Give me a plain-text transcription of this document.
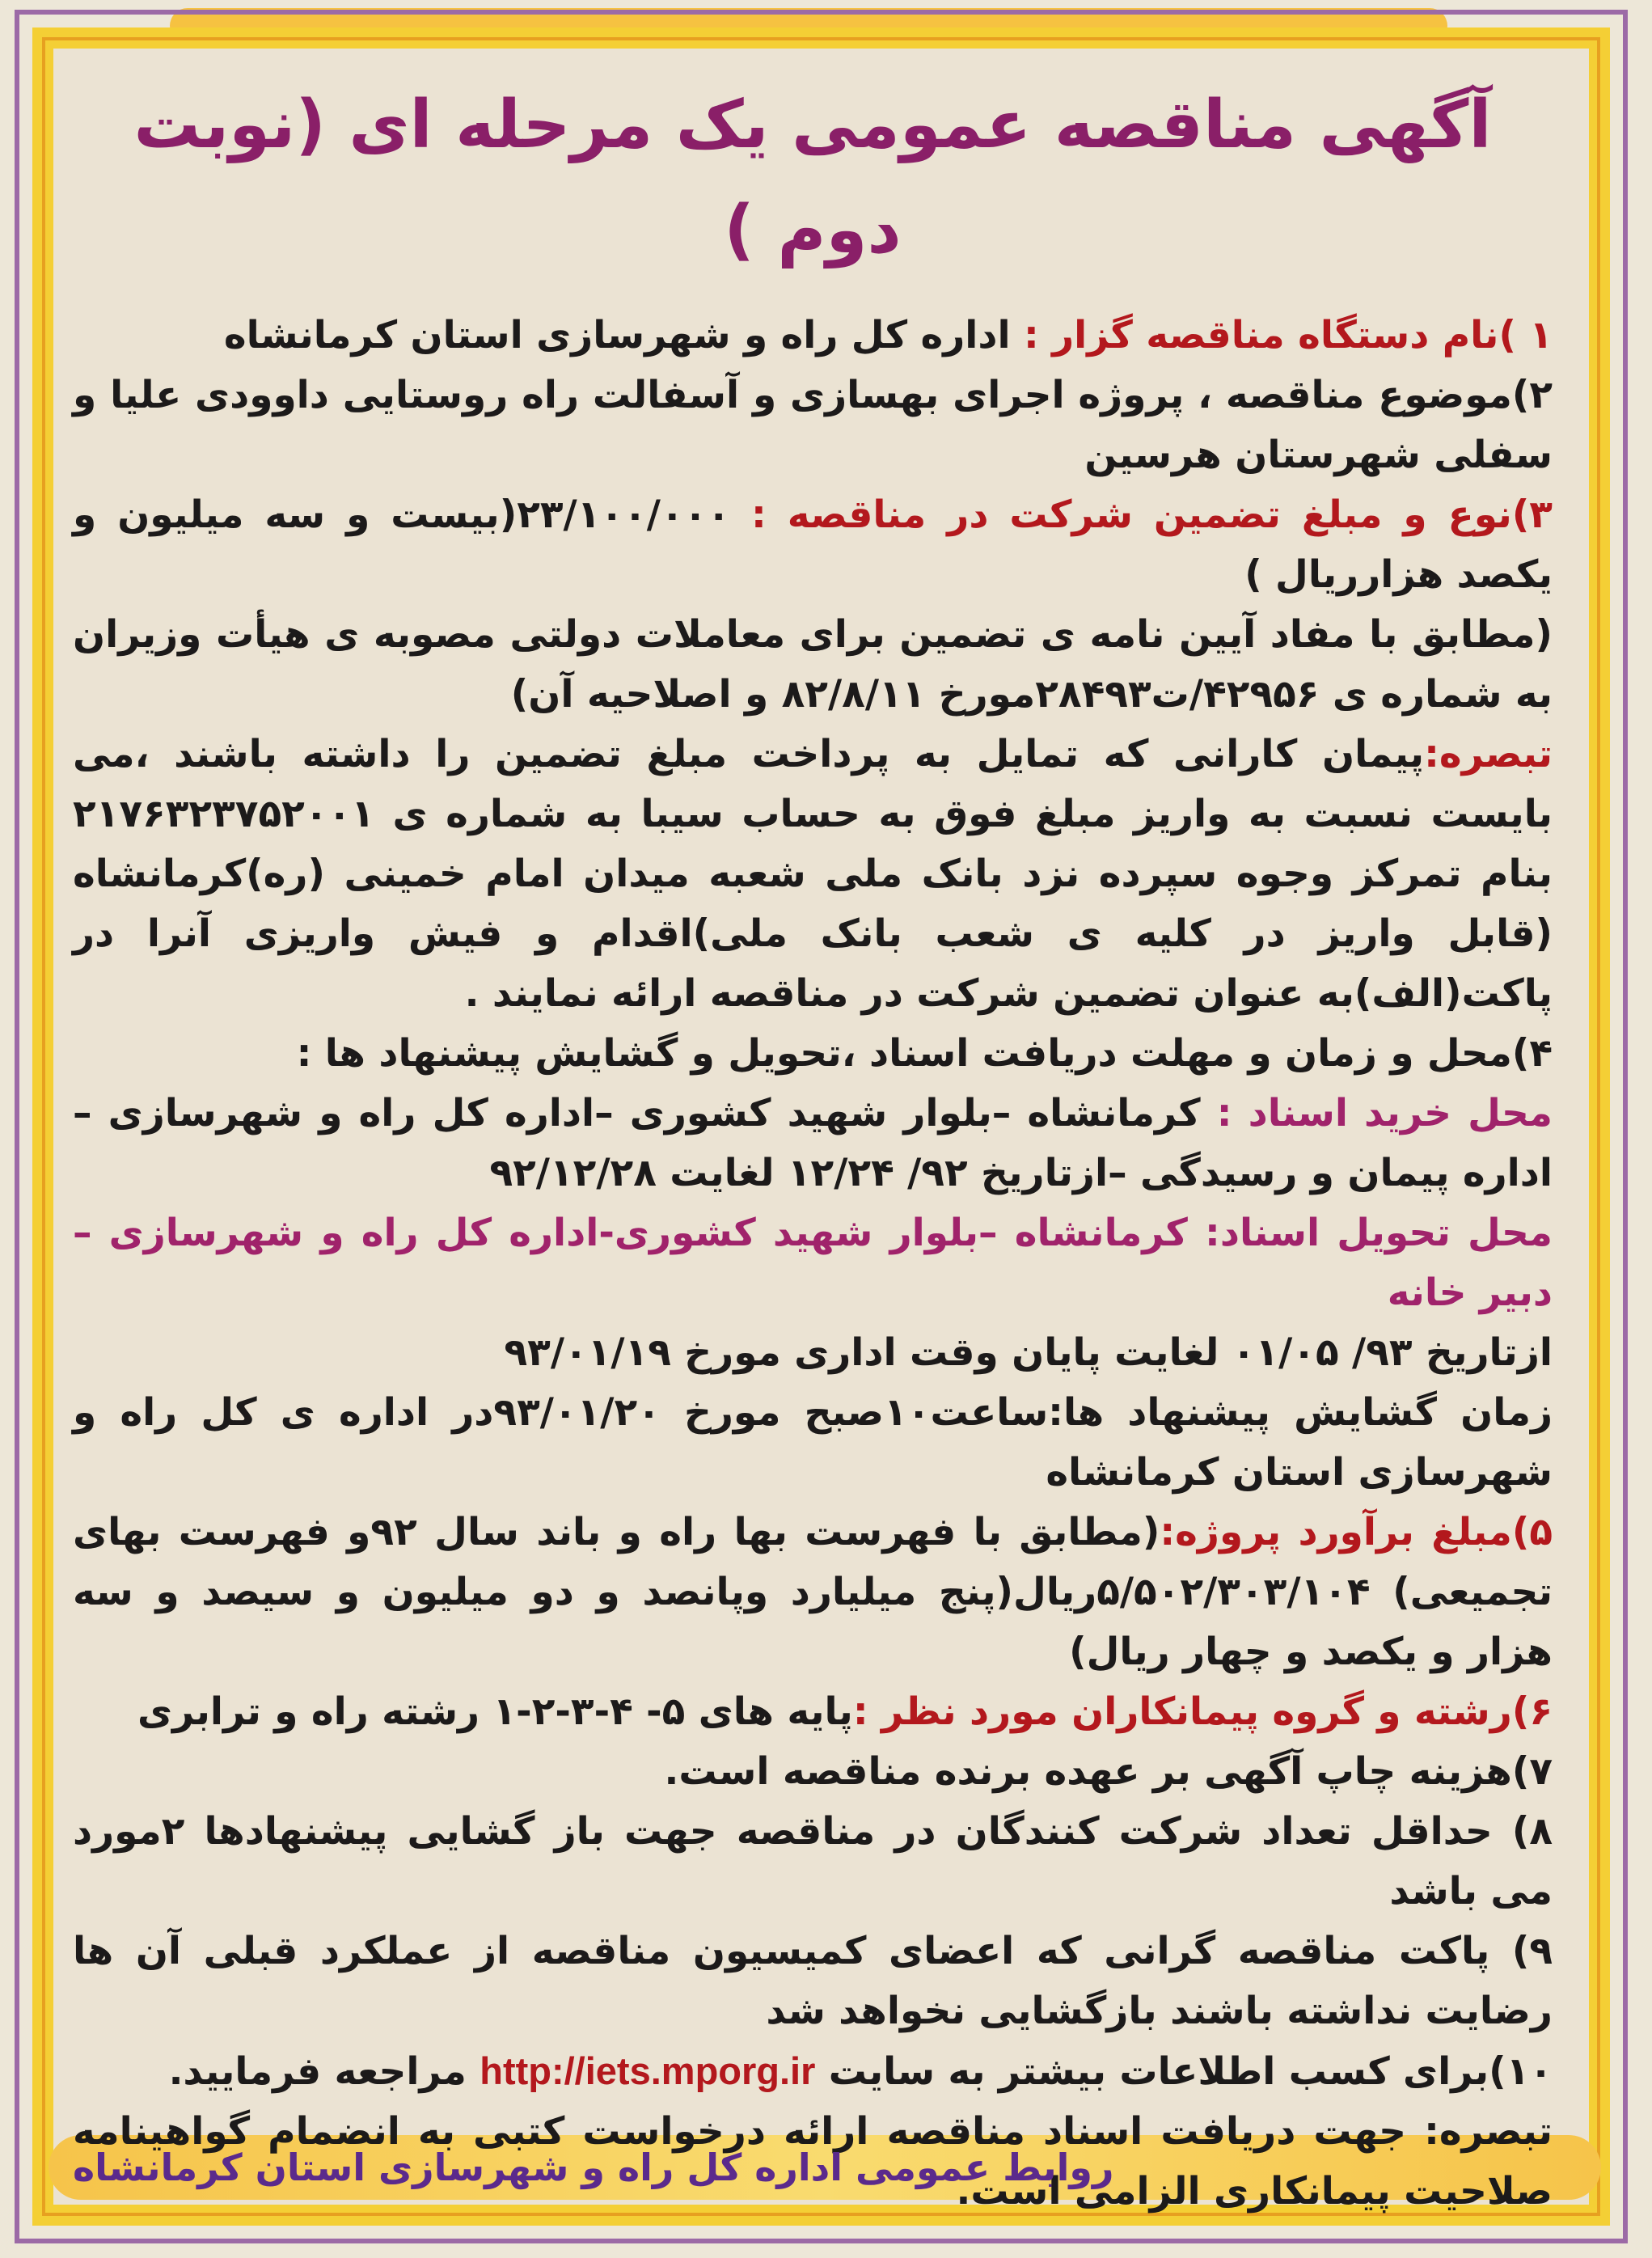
آگهی مناقصه عمومی یک مرحله ای (نوبت دوم )

۱ )نام دستگاه مناقصه گزار : اداره کل راه و شهرسازی استان کرمانشاه

۲)موضوع مناقصه ، پروژه اجرای بهسازی و آسفالت راه روستایی داوودی علیا و سفلی شهرستان هرسین

۳)نوع و مبلغ تضمین شرکت در مناقصه : ۲۳/۱۰۰/۰۰۰(بیست و سه میلیون و یکصد هزارریال )

(مطابق با مفاد آیین نامه ی تضمین برای معاملات دولتی مصوبه ی هیأت وزیران به شماره ی ۴۲۹۵۶/ت۲۸۴۹۳مورخ ۸۲/۸/۱۱ و اصلاحیه آن)

تبصره:پیمان کارانی که تمایل به پرداخت مبلغ تضمین را داشته باشند ،می بایست نسبت به واریز مبلغ فوق به حساب سیبا به شماره ی ۲۱۷۶۳۲۳۷۵۲۰۰۱ بنام تمرکز وجوه سپرده نزد بانک ملی شعبه میدان امام خمینی (ره)کرمانشاه (قابل واریز در کلیه ی شعب بانک ملی)اقدام و فیش واریزی آنرا در پاکت(الف)به عنوان تضمین شرکت در مناقصه ارائه نمایند .

۴)محل و زمان و مهلت دریافت اسناد ،تحویل و گشایش پیشنهاد ها :

محل خرید اسناد : کرمانشاه –بلوار شهید کشوری –اداره کل راه و شهرسازی –اداره پیمان و رسیدگی –ازتاریخ ۹۲/ ۱۲/۲۴ لغایت ۹۲/۱۲/۲۸

محل تحویل اسناد: کرمانشاه –بلوار شهید کشوری-اداره کل راه و شهرسازی –دبیر خانه

ازتاریخ ۹۳/ ۰۱/۰۵ لغایت پایان وقت اداری مورخ ۹۳/۰۱/۱۹

زمان گشایش پیشنهاد ها:ساعت۱۰صبح مورخ ۹۳/۰۱/۲۰در اداره ی کل راه و شهرسازی استان کرمانشاه

۵)مبلغ برآورد پروژه:(مطابق با فهرست بها راه و باند سال ۹۲و فهرست بهای تجمیعی) ۵/۵۰۲/۳۰۳/۱۰۴ریال(پنج میلیارد وپانصد و دو میلیون و سیصد و سه هزار و یکصد و چهار ریال)

۶)رشته و گروه پیمانکاران مورد نظر :پایه های ۵- ۴-۳-۲-۱ رشته راه و ترابری

۷)هزینه چاپ آگهی بر عهده برنده مناقصه است.

۸) حداقل تعداد شرکت کنندگان در مناقصه جهت باز گشایی پیشنهادها ۲مورد می باشد

۹) پاکت مناقصه گرانی که اعضای کمیسیون مناقصه از عملکرد قبلی آن ها رضایت نداشته باشند بازگشایی نخواهد شد

۱۰)برای کسب اطلاعات بیشتر به سایت http://iets.mporg.ir مراجعه فرمایید.

تبصره: جهت دریافت اسناد مناقصه ارائه درخواست کتبی به انضمام گواهینامه صلاحیت پیمانکاری الزامی است.

روابط عمومی اداره کل راه و شهرسازی استان کرمانشاه
